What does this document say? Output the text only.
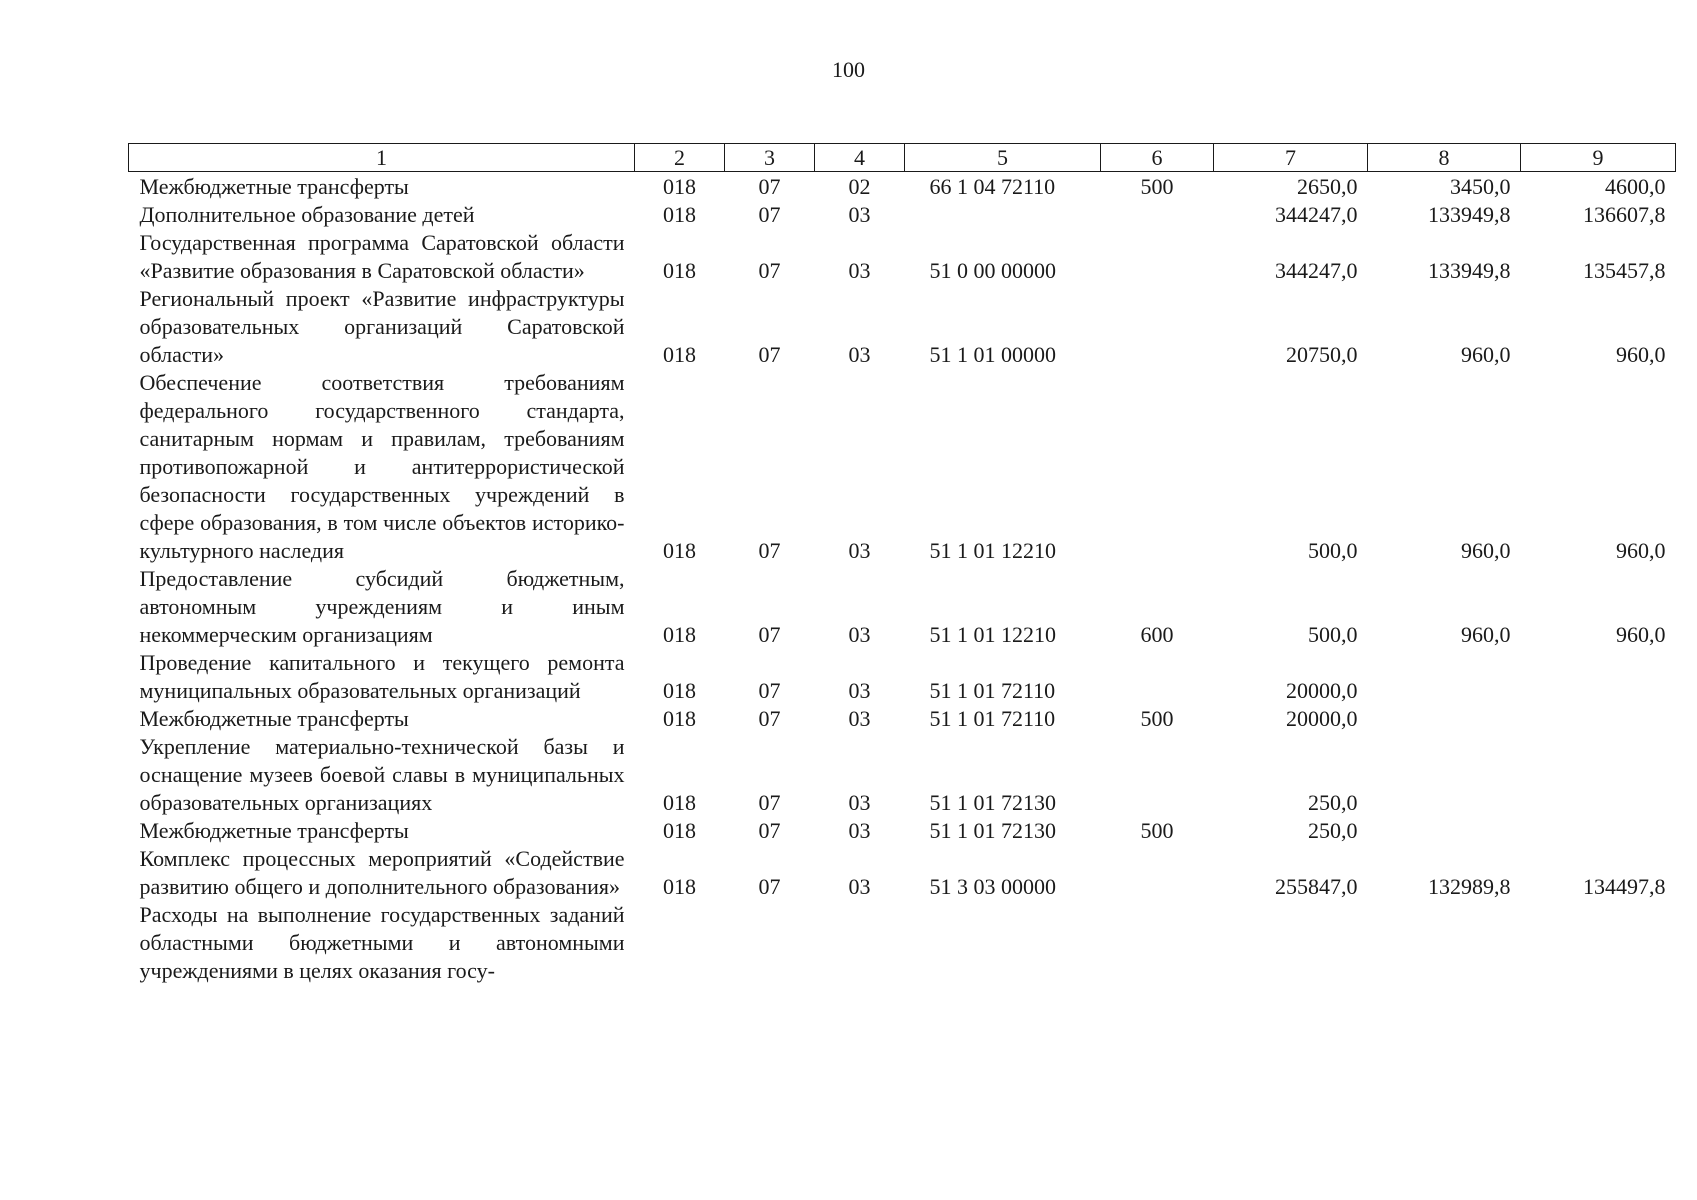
100
1	2	3	4	5	6	7	8	9
Межбюджетные трансферты	018	07	02	66 1 04 72110	500	2650,0	3450,0	4600,0
Дополнительное образование детей	018	07	03			344247,0	133949,8	136607,8
Государственная программа Саратовской области «Развитие образования в Саратовской области»	018	07	03	51 0 00 00000		344247,0	133949,8	135457,8
Региональный проект «Развитие инфраструктуры образовательных организаций Саратовской области»	018	07	03	51 1 01 00000		20750,0	960,0	960,0
Обеспечение соответствия требованиям федерального государственного стандарта, санитарным нормам и правилам, требованиям противопожарной и антитеррористической безопасности государственных учреждений в сфере образования, в том числе объектов историко-культурного наследия	018	07	03	51 1 01 12210		500,0	960,0	960,0
Предоставление субсидий бюджетным, автономным учреждениям и иным некоммерческим организациям	018	07	03	51 1 01 12210	600	500,0	960,0	960,0
Проведение капитального и текущего ремонта муниципальных образовательных организаций	018	07	03	51 1 01 72110		20000,0		
Межбюджетные трансферты	018	07	03	51 1 01 72110	500	20000,0		
Укрепление материально-технической базы и оснащение музеев боевой славы в муниципальных образовательных организациях	018	07	03	51 1 01 72130		250,0		
Межбюджетные трансферты	018	07	03	51 1 01 72130	500	250,0		
Комплекс процессных мероприятий «Содействие развитию общего и дополнительного образования»	018	07	03	51 3 03 00000		255847,0	132989,8	134497,8
Расходы на выполнение государственных заданий областными бюджетными и автономными учреждениями в целях оказания госу-								
